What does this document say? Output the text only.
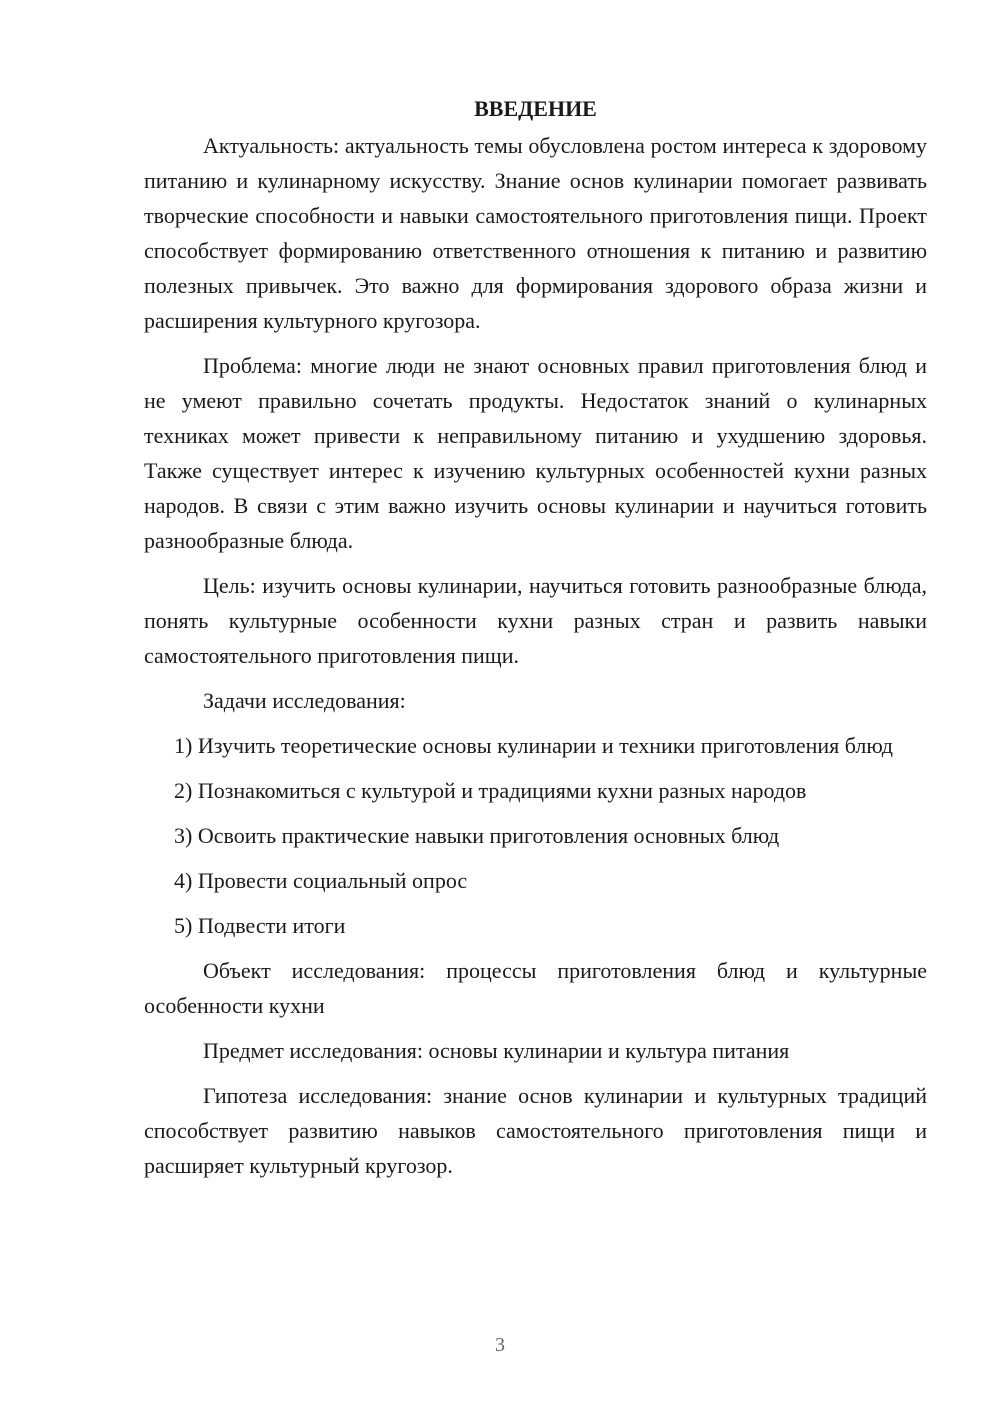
ВВЕДЕНИЕ

Актуальность: актуальность темы обусловлена ростом интереса к здоровому питанию и кулинарному искусству. Знание основ кулинарии помогает развивать творческие способности и навыки самостоятельного приготовления пищи. Проект способствует формированию ответственного отношения к питанию и развитию полезных привычек. Это важно для формирования здорового образа жизни и расширения культурного кругозора.

Проблема: многие люди не знают основных правил приготовления блюд и не умеют правильно сочетать продукты. Недостаток знаний о кулинарных техниках может привести к неправильному питанию и ухудшению здоровья. Также существует интерес к изучению культурных особенностей кухни разных народов. В связи с этим важно изучить основы кулинарии и научиться готовить разнообразные блюда.

Цель: изучить основы кулинарии, научиться готовить разнообразные блюда, понять культурные особенности кухни разных стран и развить навыки самостоятельного приготовления пищи.

Задачи исследования:

1) Изучить теоретические основы кулинарии и техники приготовления блюд

2) Познакомиться с культурой и традициями кухни разных народов

3) Освоить практические навыки приготовления основных блюд

4) Провести социальный опрос

5) Подвести итоги

Объект исследования: процессы приготовления блюд и культурные особенности кухни

Предмет исследования: основы кулинарии и культура питания

Гипотеза исследования: знание основ кулинарии и культурных традиций способствует развитию навыков самостоятельного приготовления пищи и расширяет культурный кругозор.

3
